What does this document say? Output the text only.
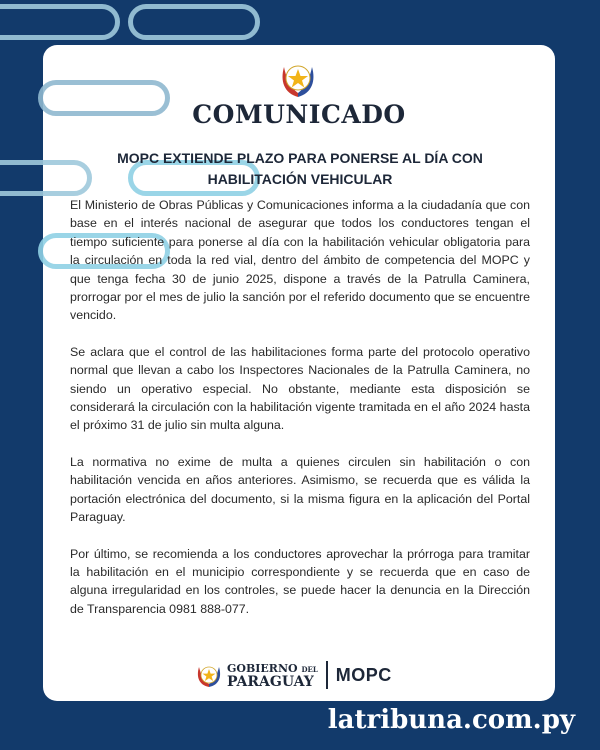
COMUNICADO
MOPC EXTIENDE PLAZO PARA PONERSE AL DÍA CON HABILITACIÓN VEHICULAR

El Ministerio de Obras Públicas y Comunicaciones informa a la ciudadanía que con base en el interés nacional de asegurar que todos los conductores tengan el tiempo suficiente para ponerse al día con la habilitación vehicular obligatoria para la circulación en toda la red vial, dentro del ámbito de competencia del MOPC y que tenga fecha 30 de junio 2025, dispone a través de la Patrulla Caminera, prorrogar por el mes de julio la sanción por el referido documento que se encuentre vencido.

Se aclara que el control de las habilitaciones forma parte del protocolo operativo normal que llevan a cabo los Inspectores Nacionales de la Patrulla Caminera, no siendo un operativo especial. No obstante, mediante esta disposición se considerará la circulación con la habilitación vigente tramitada en el año 2024 hasta el próximo 31 de julio sin multa alguna.

La normativa no exime de multa a quienes circulen sin habilitación o con habilitación vencida en años anteriores. Asimismo, se recuerda que es válida la portación electrónica del documento, si la misma figura en la aplicación del Portal Paraguay.

Por último, se recomienda a los conductores aprovechar la prórroga para tramitar la habilitación en el municipio correspondiente y se recuerda que en caso de alguna irregularidad en los controles, se puede hacer la denuncia en la Dirección de Transparencia 0981 888-077.

GOBIERNO DEL
PARAGUAY MOPC
latribuna.com.py
